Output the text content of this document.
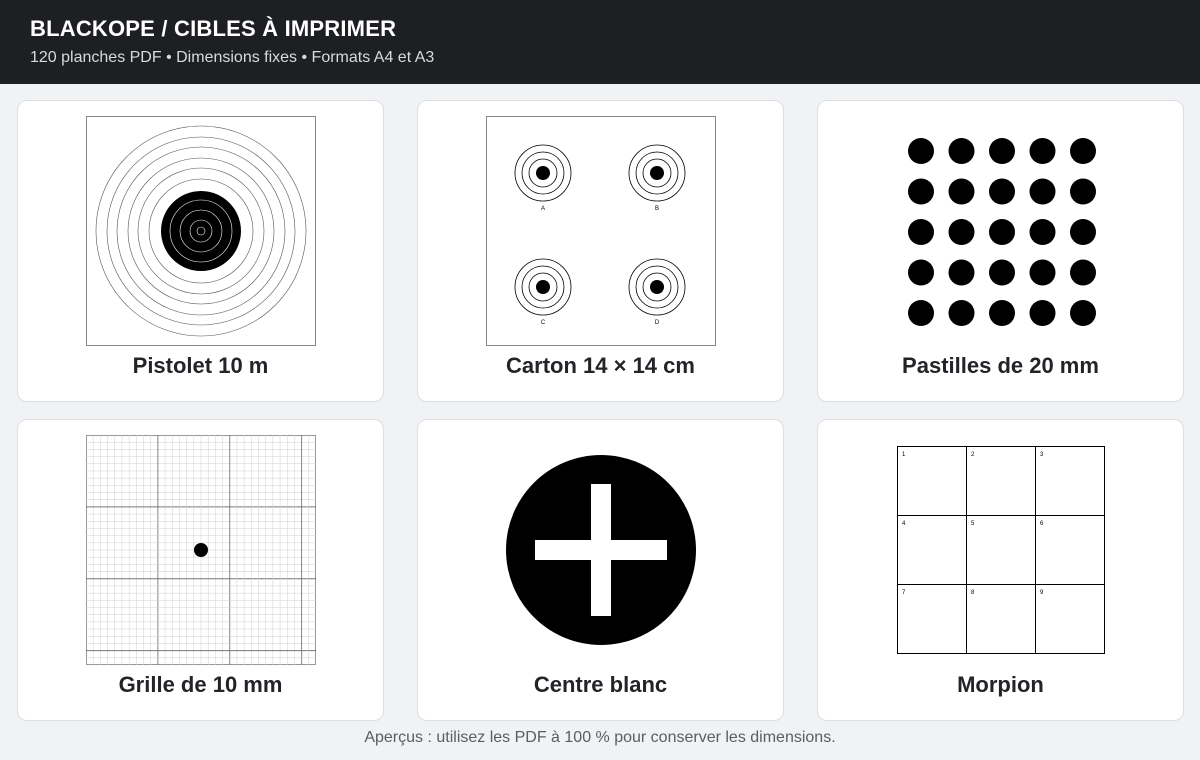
BLACKOPE / CIBLES À IMPRIMER
120 planches PDF • Dimensions fixes • Formats A4 et A3
Pistolet 10 m
A	B
C	D
Carton 14 × 14 cm	Pastilles de 20 mm
Grille de 10 mm	Centre blanc
1	2	3
4	5	6
7	8	9
Morpion
Aperçus : utilisez les PDF à 100 % pour conserver les dimensions.
